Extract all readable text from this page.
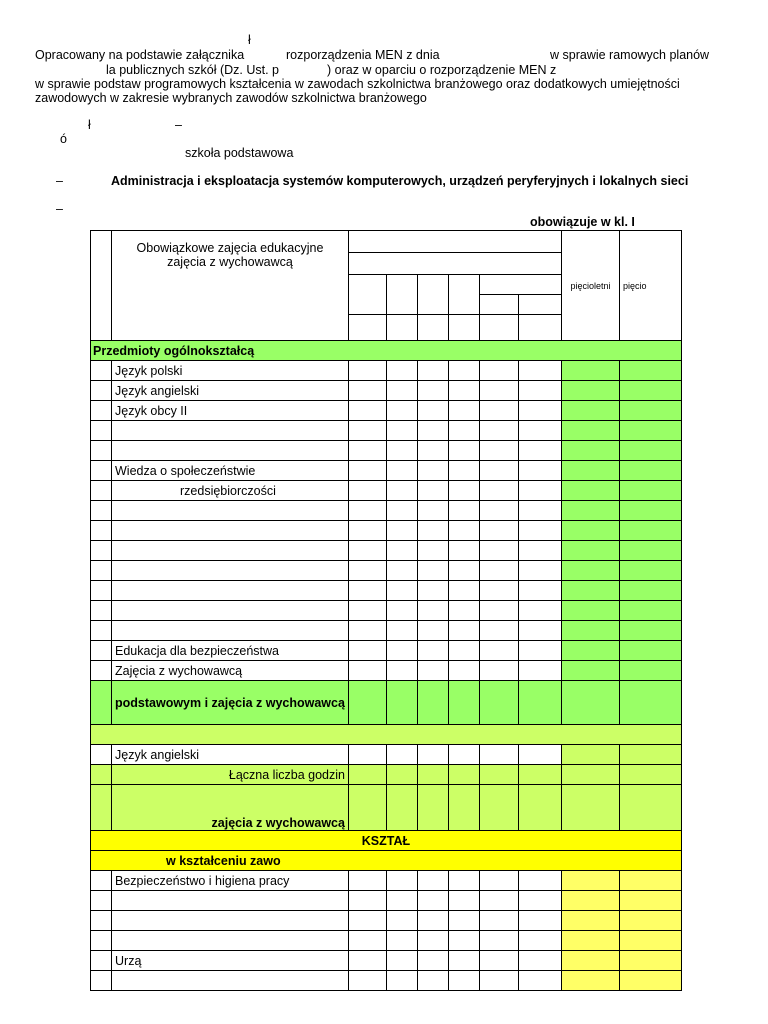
ł
Opracowany na podstawie załącznika	rozporządzenia MEN z dnia	w sprawie ramowych planów
la publicznych szkół (Dz. Ust. p	) oraz w oparciu o rozporządzenie MEN z
w sprawie podstaw programowych kształcenia w zawodach szkolnictwa branżowego oraz dodatkowych umiejętności
zawodowych w zakresie wybranych zawodów szkolnictwa branżowego
ł	–
ó
szkoła podstawowa
–	Administracja i eksploatacja systemów komputerowych, urządzeń peryferyjnych i lokalnych sieci
–
obowiązuje w kl. I

	Obowiązkowe zajęcia edukacyjne
zajęcia z wychowawcą							pięcioletni	pięcio

Przedmioty ogólnokształcą									
	Język polski								
	Język angielski								
	Język obcy II								

	Wiedza o społeczeństwie								
	rzedsiębiorczości								

	Edukacja dla bezpieczeństwa								
	Zajęcia z wychowawcą								
	podstawowym i zajęcia z wychowawcą								

	Język angielski								
	Łączna liczba godzin								
	zajęcia z wychowawcą								
KSZTAŁ									
w kształceniu zawo									
	Bezpieczeństwo i higiena pracy								

	Urzą								
